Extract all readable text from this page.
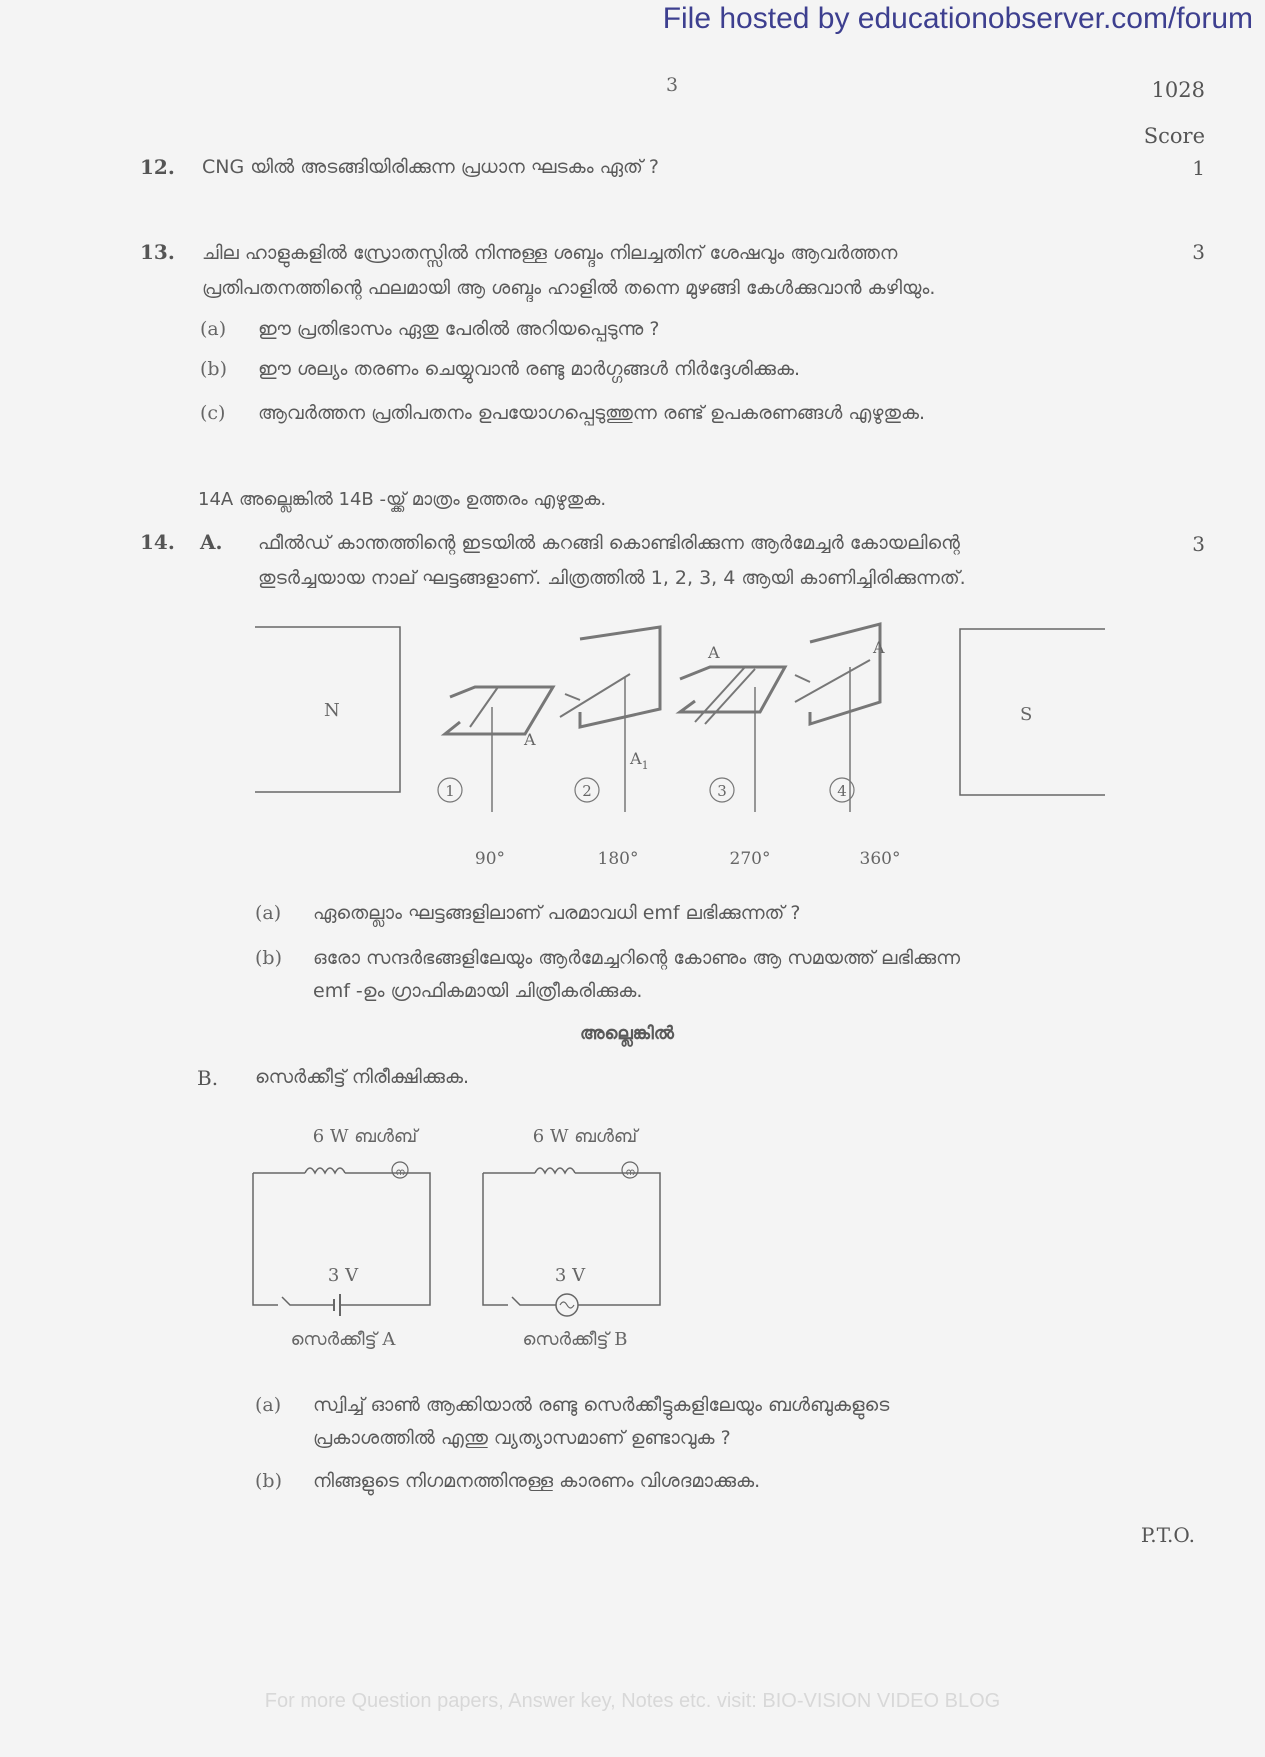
File hosted by educationobserver.com/forum
3	1028
Score
12. CNG യിൽ അടങ്ങിയിരിക്കുന്ന പ്രധാന ഘടകം ഏത് ?	1
13. ചില ഹാളുകളിൽ സ്രോതസ്സിൽ നിന്നുള്ള ശബ്ദം നിലച്ചതിന് ശേഷവും ആവർത്തന	3
പ്രതിപതനത്തിന്റെ ഫലമായി ആ ശബ്ദം ഹാളിൽ തന്നെ മുഴങ്ങി കേൾക്കുവാൻ കഴിയും.
(a) ഈ പ്രതിഭാസം ഏതു പേരിൽ അറിയപ്പെടുന്നു ?
(b) ഈ ശല്യം തരണം ചെയ്യുവാൻ രണ്ടു മാർഗ്ഗങ്ങൾ നിർദ്ദേശിക്കുക.
(c) ആവർത്തന പ്രതിപതനം ഉപയോഗപ്പെടുത്തുന്ന രണ്ട് ഉപകരണങ്ങൾ എഴുതുക.
14A അല്ലെങ്കിൽ 14B -യ്ക്ക് മാത്രം ഉത്തരം എഴുതുക.
14. A. ഫീൽഡ് കാന്തത്തിന്റെ ഇടയിൽ കറങ്ങി കൊണ്ടിരിക്കുന്ന ആർമേച്ചർ കോയലിന്റെ	3
തുടർച്ചയായ നാല് ഘട്ടങ്ങളാണ്. ചിത്രത്തിൽ 1, 2, 3, 4 ആയി കാണിച്ചിരിക്കുന്നത്.
N	S
A
$A_1$
A	A
1	2	3	4
90°	180°	270°	360°
(a) ഏതെല്ലാം ഘട്ടങ്ങളിലാണ് പരമാവധി emf ലഭിക്കുന്നത് ?
(b) ഒരോ സന്ദർഭങ്ങളിലേയും ആർമേച്ചറിന്റെ കോണും ആ സമയത്ത് ലഭിക്കുന്ന
emf -ഉം ഗ്രാഫികമായി ചിത്രീകരിക്കുക.
അല്ലെങ്കിൽ
B. സെർക്കീട്ട് നിരീക്ഷിക്കുക.
6 W ബൾബ്	6 W ബൾബ്
ന
3 V
സെർക്കീട്ട് A
ന
3 V
സെർക്കീട്ട് B
(a) സ്വിച്ച് ഓൺ ആക്കിയാൽ രണ്ടു സെർക്കീട്ടുകളിലേയും ബൾബുകളുടെ
പ്രകാശത്തിൽ എന്തു വ്യത്യാസമാണ് ഉണ്ടാവുക ?
(b) നിങ്ങളുടെ നിഗമനത്തിനുള്ള കാരണം വിശദമാക്കുക.
P.T.O.
For more Question papers, Answer key, Notes etc. visit: BIO-VISION VIDEO BLOG
